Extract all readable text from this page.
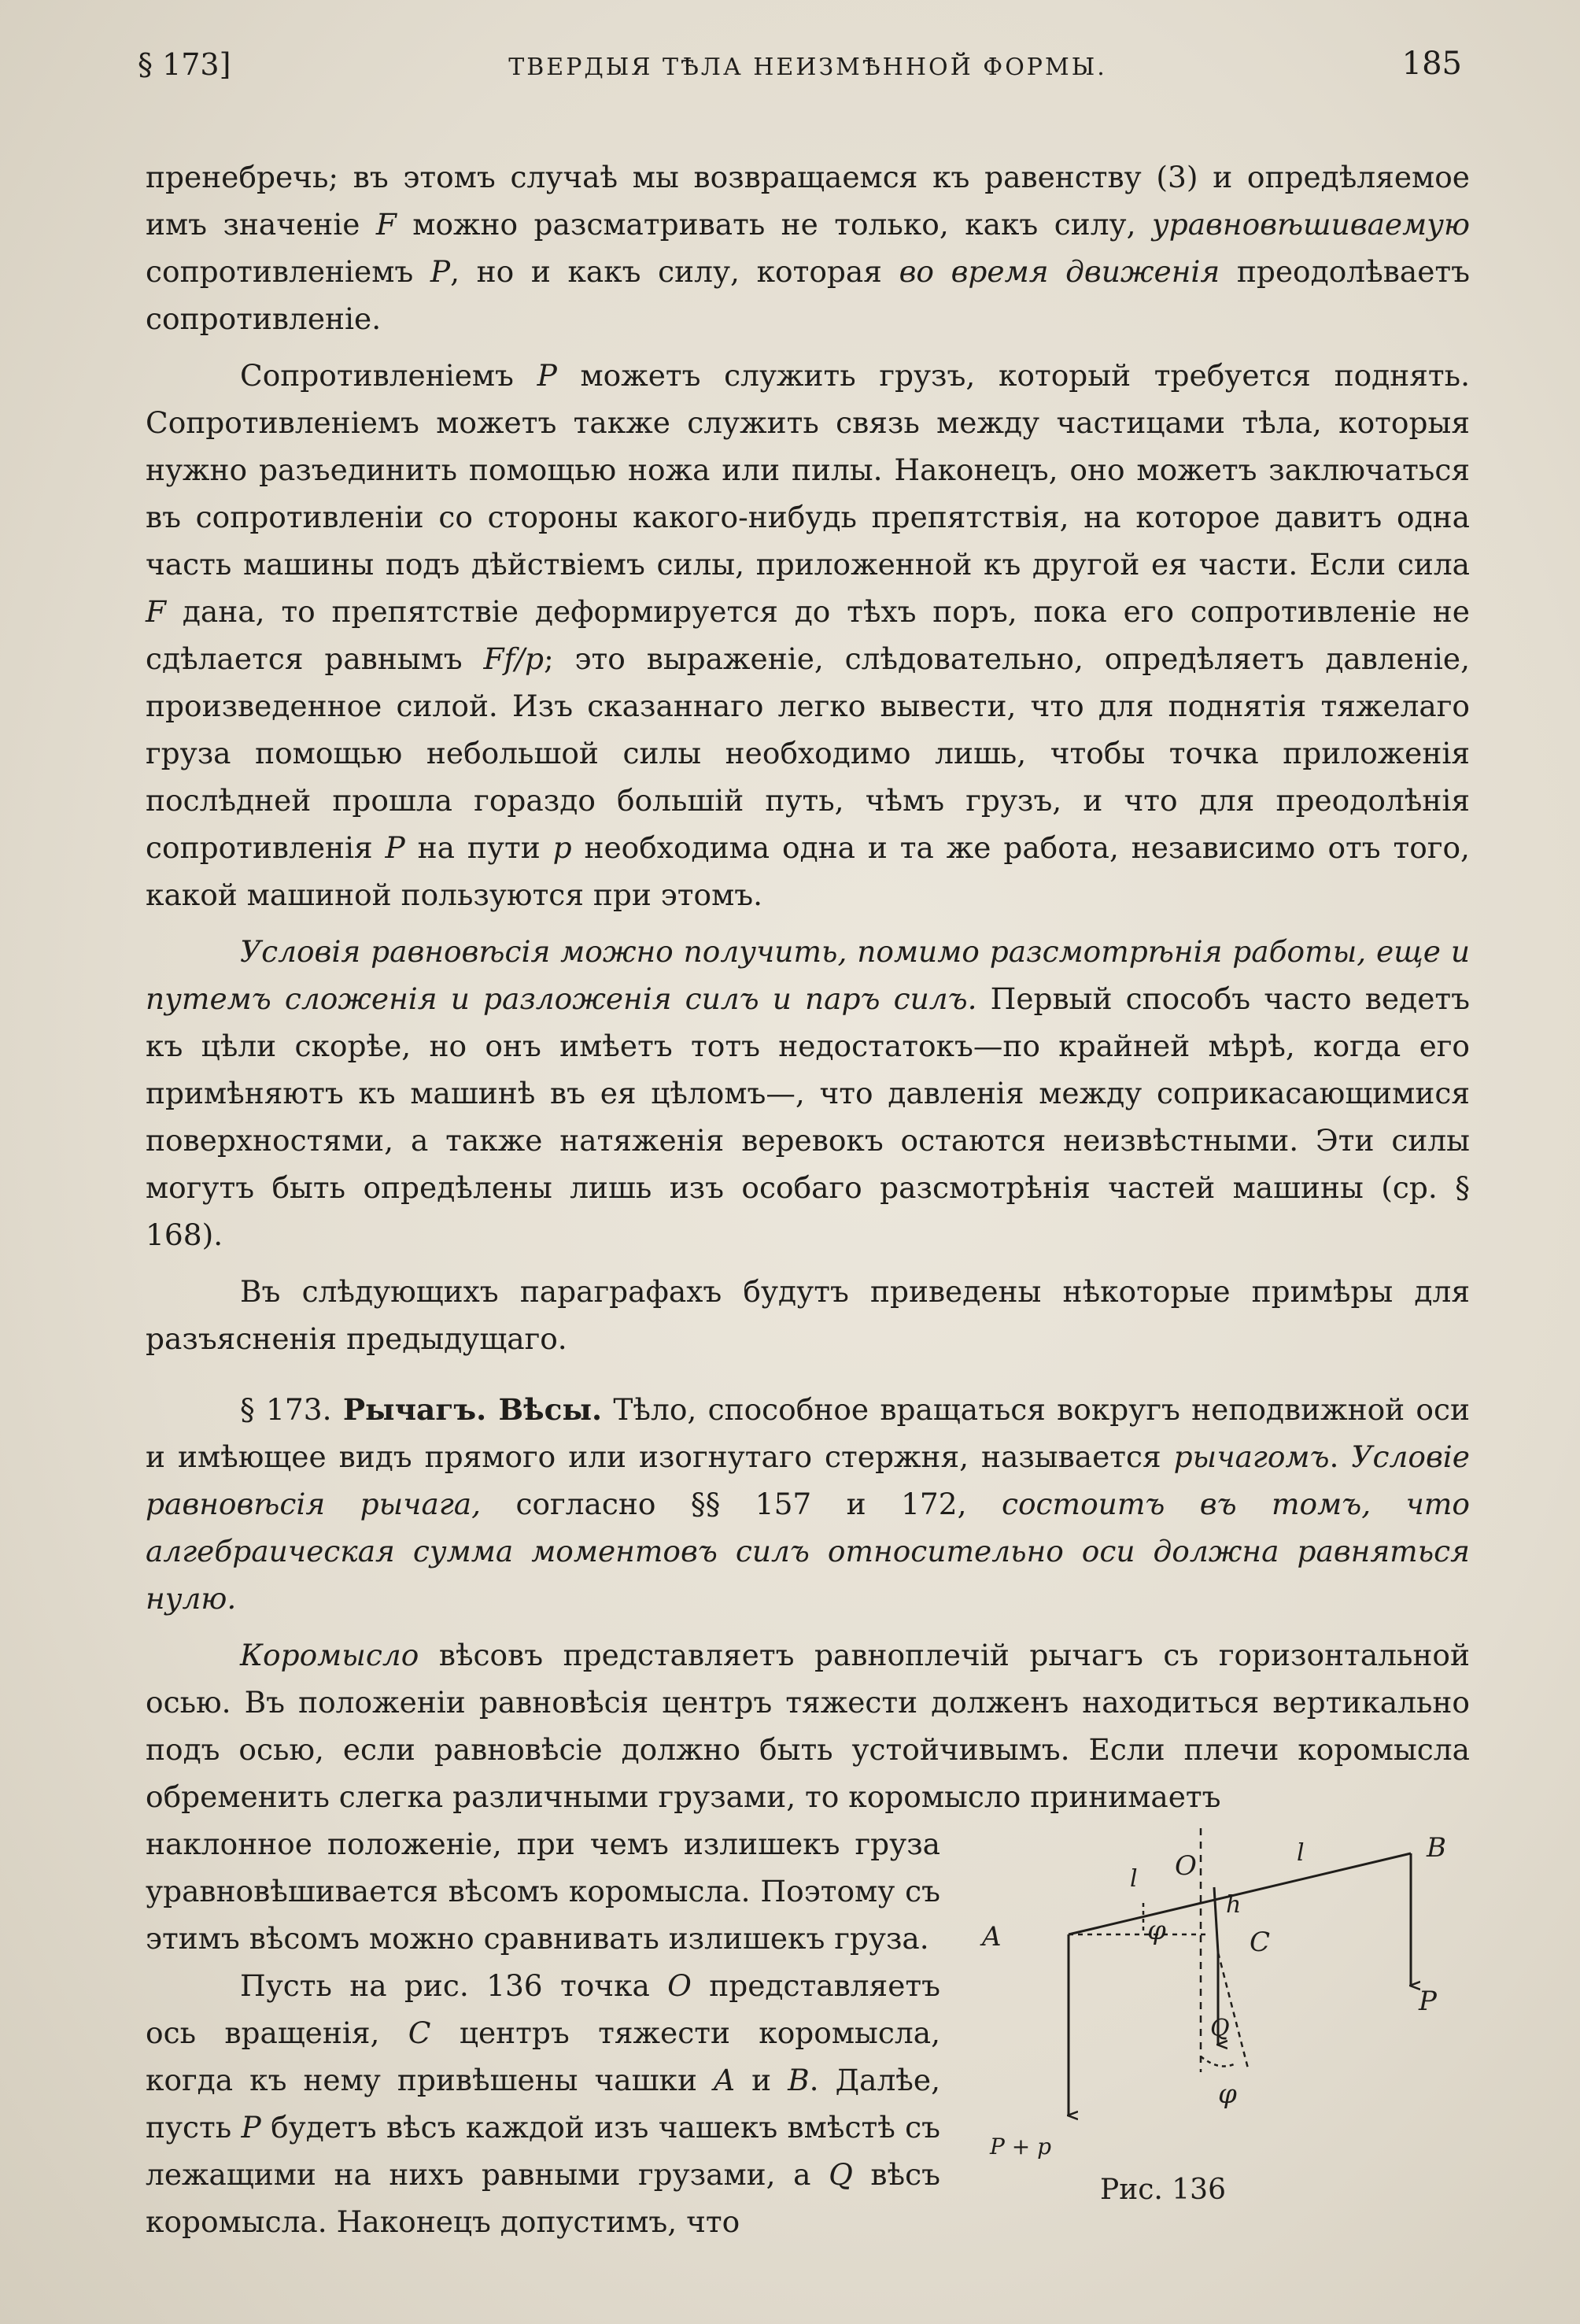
§ 173]	ТВЕРДЫЯ ТѢЛА НЕИЗМѢННОЙ ФОРМЫ.	185

пренебречь; въ этомъ случаѣ мы возвращаемся къ равенству (3) и опредѣляемое имъ значеніе F можно разсматривать не только, какъ силу, уравновѣшиваемую сопротивленіемъ P, но и какъ силу, которая во время движенія преодолѣваетъ сопротивленіе.

Сопротивленіемъ P можетъ служить грузъ, который требуется поднять. Сопротивленіемъ можетъ также служить связь между частицами тѣла, которыя нужно разъединить помощью ножа или пилы. Наконецъ, оно можетъ заключаться въ сопротивленіи со стороны какого-нибудь препятствія, на которое давитъ одна часть машины подъ дѣйствіемъ силы, приложенной къ другой ея части. Если сила F дана, то препятствіе деформируется до тѣхъ поръ, пока его сопротивленіе не сдѣлается равнымъ Ff/p; это выраженіе, слѣдовательно, опредѣляетъ давленіе, произведенное силой. Изъ сказаннаго легко вывести, что для поднятія тяжелаго груза помощью небольшой силы необходимо лишь, чтобы точка приложенія послѣдней прошла гораздо большій путь, чѣмъ грузъ, и что для преодолѣнія сопротивленія P на пути p необходима одна и та же работа, независимо отъ того, какой машиной пользуются при этомъ.

Условія равновѣсія можно получить, помимо разсмотрѣнія работы, еще и путемъ сложенія и разложенія силъ и паръ силъ. Первый способъ часто ведетъ къ цѣли скорѣе, но онъ имѣетъ тотъ недостатокъ—по крайней мѣрѣ, когда его примѣняютъ къ машинѣ въ ея цѣломъ—, что давленія между соприкасающимися поверхностями, а также натяженія веревокъ остаются неизвѣстными. Эти силы могутъ быть опредѣлены лишь изъ особаго разсмотрѣнія частей машины (ср. § 168).

Въ слѣдующихъ параграфахъ будутъ приведены нѣкоторые примѣры для разъясненія предыдущаго.

§ 173. Рычагъ. Вѣсы. Тѣло, способное вращаться вокругъ неподвижной оси и имѣющее видъ прямого или изогнутаго стержня, называется рычагомъ. Условіе равновѣсія рычага, согласно §§ 157 и 172, состоитъ въ томъ, что алгебраическая сумма моментовъ силъ относительно оси должна равняться нулю.

Коромысло вѣсовъ представляетъ равноплечій рычагъ съ горизонтальной осью. Въ положеніи равновѣсія центръ тяжести долженъ находиться вертикально подъ осью, если равновѣсіе должно быть устойчивымъ. Если плечи коромысла обременить слегка различными грузами, то коромысло принимаетъ

наклонное положеніе, при чемъ излишекъ груза уравновѣшивается вѣсомъ коромысла. Поэтому съ этимъ вѣсомъ можно сравнивать излишекъ груза.

Пусть на рис. 136 точка O представляетъ ось вращенія, C центръ тяжести коромысла, когда къ нему привѣшены чашки A и B. Далѣе, пусть P будетъ вѣсъ каждой изъ чашекъ вмѣстѣ съ лежащими на нихъ равными грузами, а Q вѣсъ коромысла. Наконецъ допустимъ, что

A
B
O
C
h
l
l
φ
Q
φ
P
P + p
Рис. 136
